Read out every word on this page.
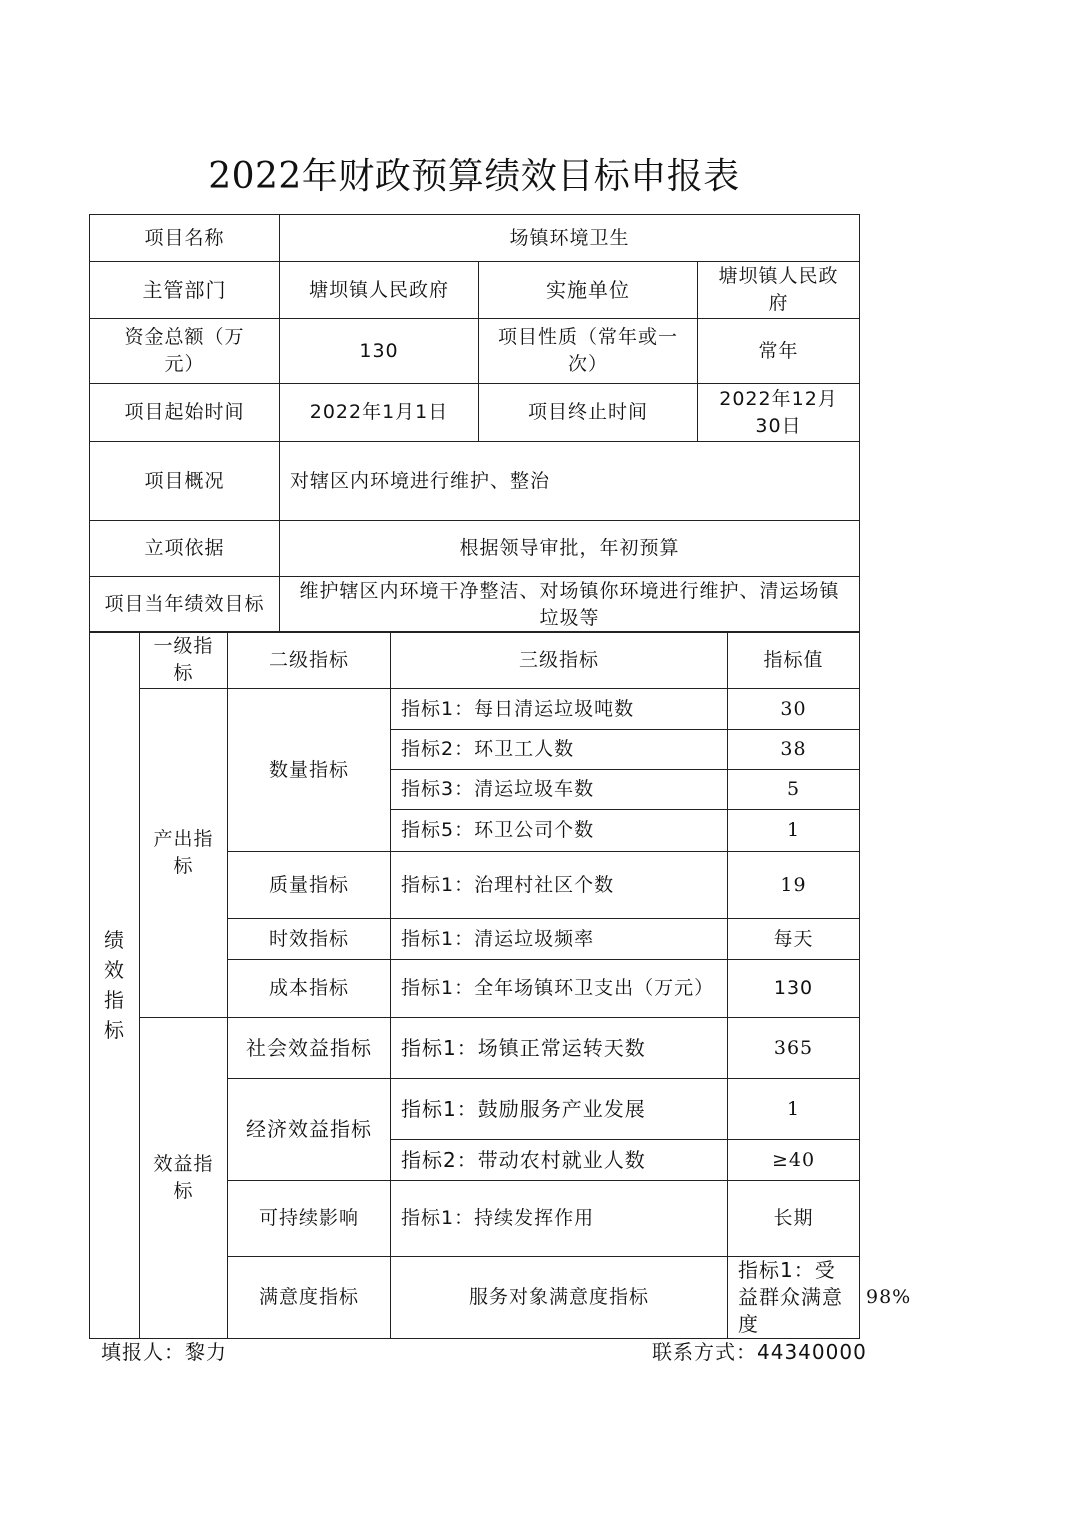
2022年财政预算绩效目标申报表
项目名称	场镇环境卫生		
主管部门	塘坝镇人民政府	实施单位	塘坝镇人民政府
资金总额（万元）	130	项目性质（常年或一次）	常年
项目起始时间	2022年1月1日	项目终止时间	2022年12月30日
项目概况	对辖区内环境进行维护、整治		
立项依据	根据领导审批，年初预算		
项目当年绩效目标	维护辖区内环境干净整洁、对场镇你环境进行维护、清运场镇垃圾等		
绩效指标	一级指标	二级指标	三级指标	指标值	
	产出指标	数量指标	指标1：每日清运垃圾吨数	30	
			指标2：环卫工人数	38	
			指标3：清运垃圾车数	5	
			指标5：环卫公司个数	1	
		质量指标	指标1：治理村社区个数	19	
		时效指标	指标1：清运垃圾频率	每天	
		成本指标	指标1：全年场镇环卫支出（万元）	130	
	效益指标	社会效益指标	指标1：场镇正常运转天数	365	
		经济效益指标	指标1：鼓励服务产业发展	1	
			指标2：带动农村就业人数	≥40	
		可持续影响	指标1：持续发挥作用	长期	
		满意度指标	服务对象满意度指标	指标1：受益群众满意度	98%
填报人：黎力	联系方式：44340000
